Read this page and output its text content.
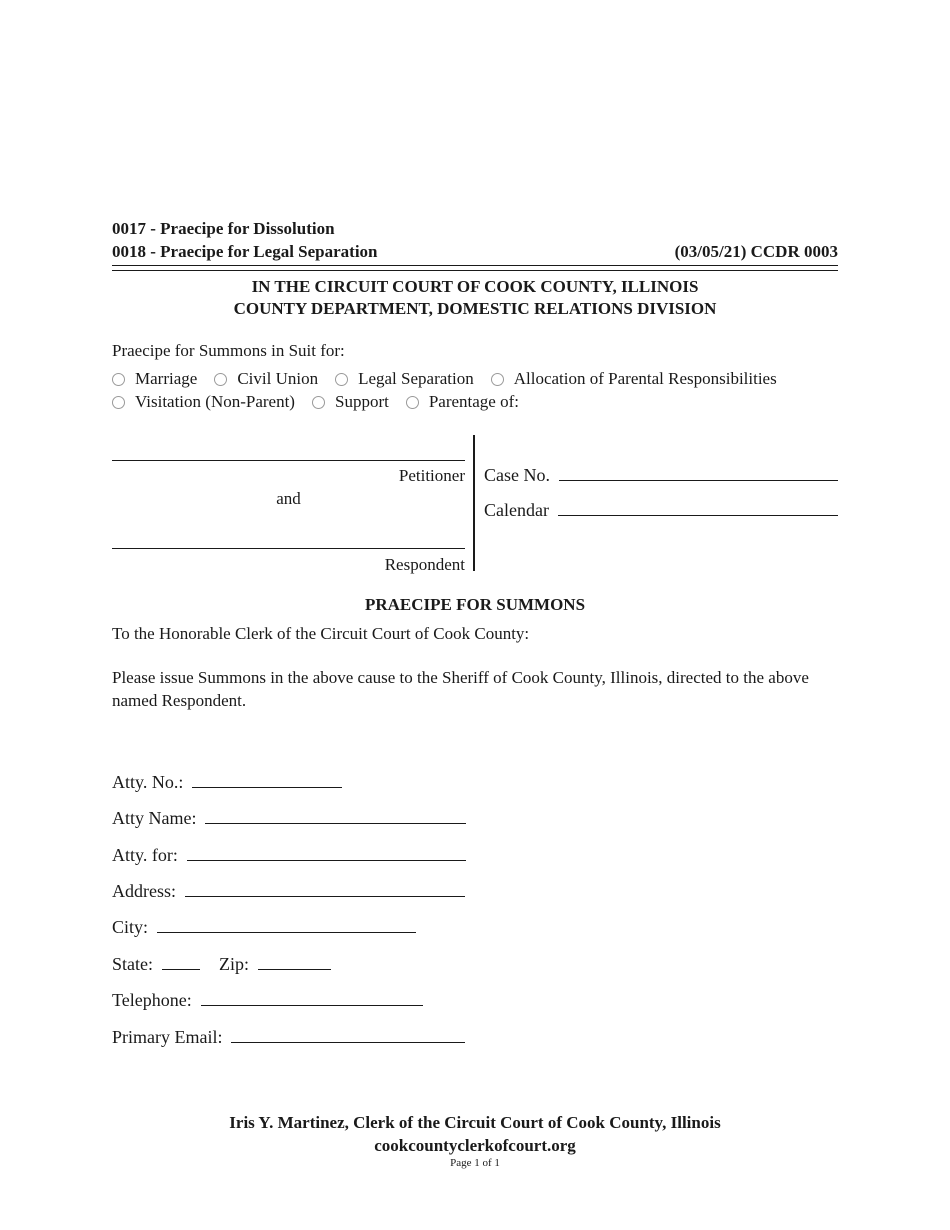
0017 - Praecipe for Dissolution
0018 - Praecipe for Legal Separation	(03/05/21) CCDR 0003
IN THE CIRCUIT COURT OF COOK COUNTY, ILLINOIS
COUNTY DEPARTMENT, DOMESTIC RELATIONS DIVISION
Praecipe for Summons in Suit for:
Marriage Civil Union Legal Separation Allocation of Parental Responsibilities
Visitation (Non-Parent) Support Parentage of:
Petitioner
and
Respondent
Case No.
Calendar
PRAECIPE FOR SUMMONS
To the Honorable Clerk of the Circuit Court of Cook County:
Please issue Summons in the above cause to the Sheriff of Cook County, Illinois, directed to the above named Respondent.
Atty. No.:
Atty Name:
Atty. for:
Address:
City:
State:	Zip:
Telephone:
Primary Email:
Iris Y. Martinez, Clerk of the Circuit Court of Cook County, Illinois
cookcountyclerkofcourt.org
Page 1 of 1
